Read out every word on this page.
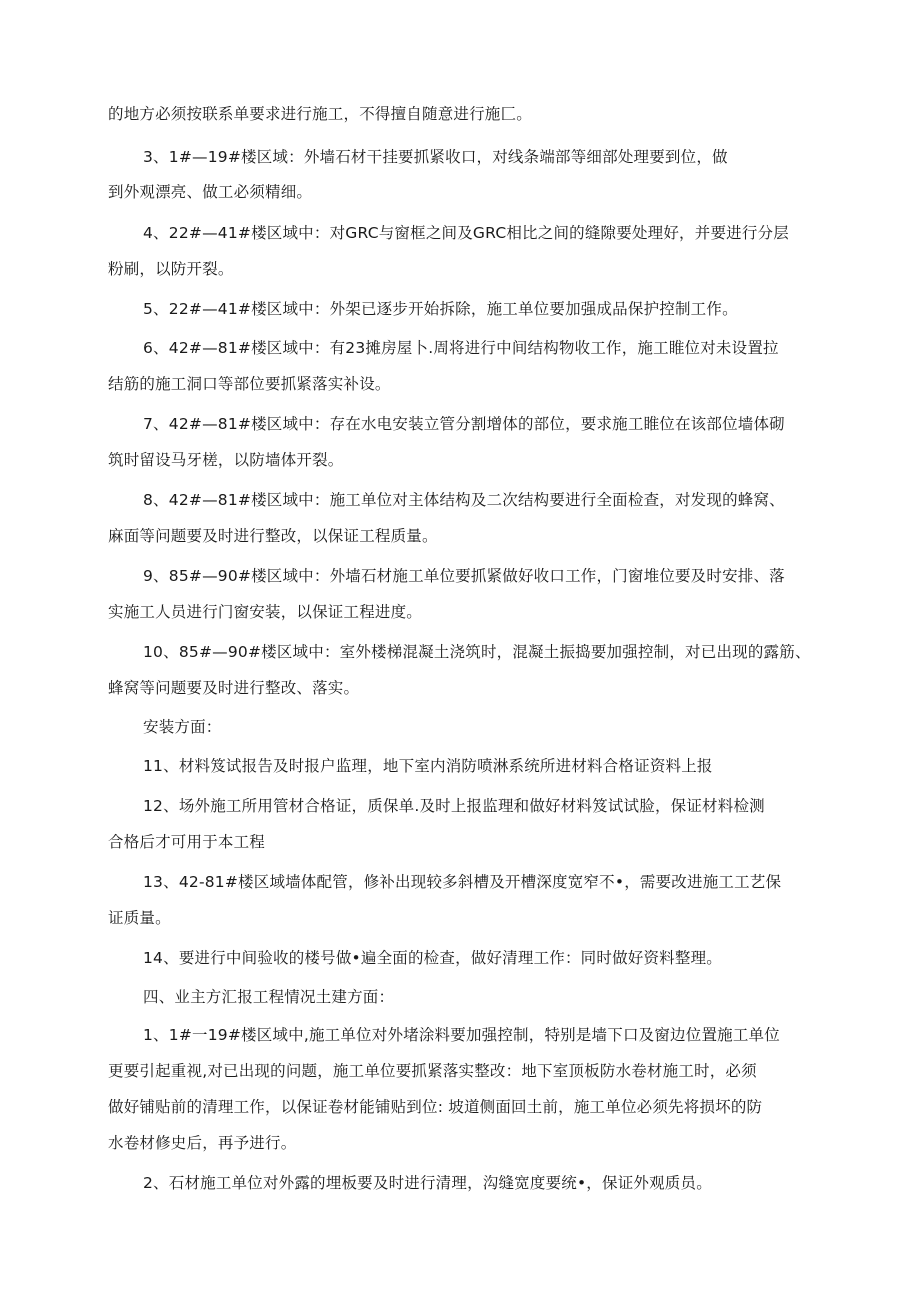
的地方必须按联系单要求进行施工，不得擅自随意进行施匚。
3、1#—19#楼区域：外墙石材干挂要抓紧收口，对线条端部等细部处理要到位，做
到外观漂亮、做工必须精细。
4、22#—41#楼区域中：对GRC与窗框之间及GRC相比之间的缝隙要处理好，并要进行分层
粉刷，以防开裂。
5、22#—41#楼区域中：外架已逐步开始拆除，施工单位要加强成品保护控制工作。
6、42#—81#楼区域中：有23摊房屋卜.周将进行中间结构物收工作，施工睢位对未设置拉
结筋的施工洞口等部位要抓紧落实补设。
7、42#—81#楼区域中：存在水电安装立管分割增体的部位，要求施工睢位在该部位墙体砌
筑时留设马牙槎，以防墙体开裂。
8、42#—81#楼区域中：施工单位对主体结构及二次结构要进行全面检查，对发现的蜂窝、
麻面等问题要及时进行整改，以保证工程质量。
9、85#—90#楼区域中：外墙石材施工单位要抓紧做好收口工作，门窗堆位要及时安排、落
实施工人员进行门窗安装，以保证工程进度。
10、85#—90#楼区域中：室外楼梯混凝土浇筑时，混凝土振捣要加强控制，对已出现的露筋、
蜂窝等问题要及时进行整改、落实。
安装方面：
11、材料笈试报告及时报户监理，地下室内消防喷淋系统所进材料合格证资料上报
12、场外施工所用管材合格证，质保单.及时上报监理和做好材料笈试试脸，保证材料检测
合格后才可用于本工程
13、42-81#楼区域墙体配管，修补出现较多斜槽及开槽深度宽窄不•，需要改进施工工艺保
证质量。
14、要进行中间验收的楼号做•遍全面的检查，做好清理工作：同时做好资料整理。
四、业主方汇报工程情况土建方面：
1、1#一19#楼区域中,施工单位对外堵涂料要加强控制，特别是墙下口及窗边位置施工单位
更要引起重视,对已出现的问题，施工单位要抓紧落实整改：地下室顶板防水卷材施工时，必须
做好铺贴前的清理工作，以保证卷材能铺贴到位: 坡道侧面回土前，施工单位必须先将损坏的防
水卷材修史后，再予进行。
2、石材施工单位对外露的埋板要及时进行清理，沟缝宽度要统•，保证外观质员。
